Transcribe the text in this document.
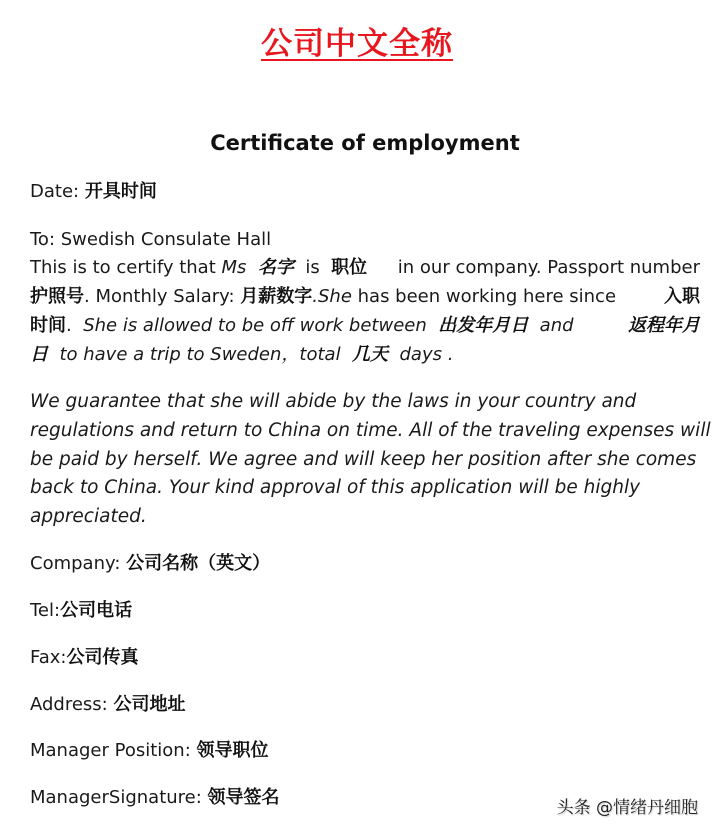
公司中文全称
Certificate of employment
Date: 开具时间
To: Swedish Consulate Hall
This is to certify that Ms 名字 is 职位 in our company. Passport number
护照号. Monthly Salary: 月薪数字.She has been working here since	入职
时间. She is allowed to be off work between 出发年月日 and	返程年月
日 to have a trip to Sweden，total 几天 days .
We guarantee that she will abide by the laws in your country and
regulations and return to China on time. All of the traveling expenses will
be paid by herself. We agree and will keep her position after she comes
back to China. Your kind approval of this application will be highly
appreciated.
Company: 公司名称（英文）
Tel:公司电话
Fax:公司传真
Address: 公司地址
Manager Position: 领导职位
ManagerSignature: 领导签名	头条 @情绪丹细胞
